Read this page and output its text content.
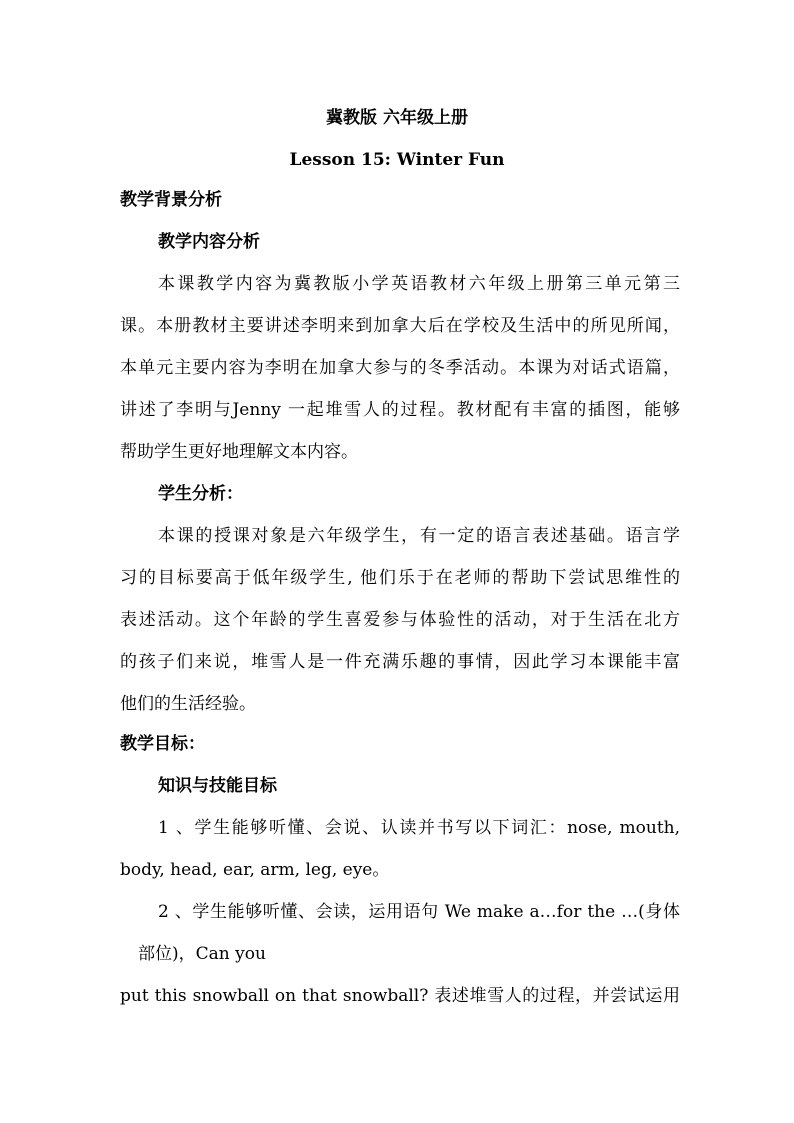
冀教版 六年级上册
Lesson 15: Winter Fun
教学背景分析
教学内容分析
本课教学内容为冀教版小学英语教材六年级上册第三单元第三
课。本册教材主要讲述李明来到加拿大后在学校及生活中的所见所闻，
本单元主要内容为李明在加拿大参与的冬季活动。本课为对话式语篇，
讲述了李明与Jenny 一起堆雪人的过程。教材配有丰富的插图，能够
帮助学生更好地理解文本内容。
学生分析：
本课的授课对象是六年级学生，有一定的语言表述基础。语言学
习的目标要高于低年级学生, 他们乐于在老师的帮助下尝试思维性的
表述活动。这个年龄的学生喜爱参与体验性的活动，对于生活在北方
的孩子们来说，堆雪人是一件充满乐趣的事情，因此学习本课能丰富
他们的生活经验。
教学目标：
知识与技能目标
1 、学生能够听懂、会说、认读并书写以下词汇：nose, mouth,
body, head, ear, arm, leg, eye。
2 、学生能够听懂、会读，运用语句 We make a…for the …(身体
部位)，Can you
put this snowball on that snowball? 表述堆雪人的过程，并尝试运用
